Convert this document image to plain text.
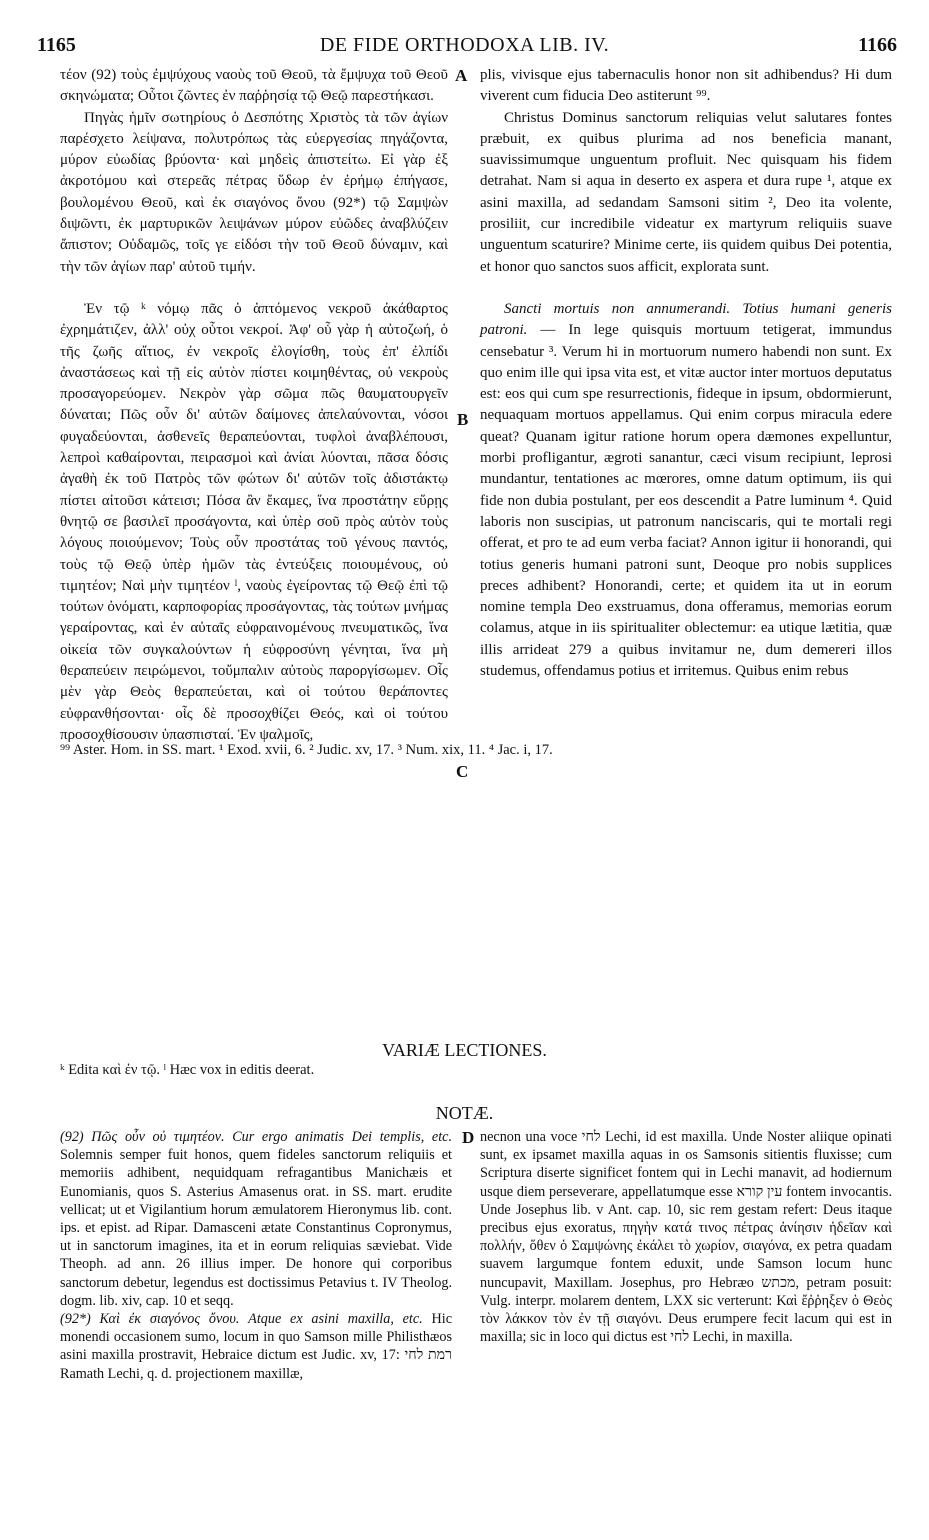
1165	DE FIDE ORTHODOXA LIB. IV.	1166

τέον (92) τοὺς ἐμψύχους ναοὺς τοῦ Θεοῦ, τὰ ἔμψυχα τοῦ Θεοῦ σκηνώματα; Οὗτοι ζῶντες ἐν παῤῥησίᾳ τῷ Θεῷ παρεστήκασι.

Πηγὰς ἡμῖν σωτηρίους ὁ Δεσπότης Χριστὸς τὰ τῶν ἁγίων παρέσχετο λείψανα, πολυτρόπως τὰς εὐεργεσίας πηγάζοντα, μύρον εὐωδίας βρύοντα· καὶ μηδεὶς ἀπιστείτω. Εἰ γὰρ ἐξ ἀκροτόμου καὶ στερεᾶς πέτρας ὕδωρ ἐν ἐρήμῳ ἐπήγασε, βουλομένου Θεοῦ, καὶ ἐκ σιαγόνος ὄνου (92*) τῷ Σαμψὼν διψῶντι, ἐκ μαρτυρικῶν λειψάνων μύρον εὐῶδες ἀναβλύζειν ἄπιστον; Οὐδαμῶς, τοῖς γε εἰδόσι τὴν τοῦ Θεοῦ δύναμιν, καὶ τὴν τῶν ἁγίων παρ' αὐτοῦ τιμήν.

Ἐν τῷ ᵏ νόμῳ πᾶς ὁ ἁπτόμενος νεκροῦ ἀκάθαρτος ἐχρημάτιζεν, ἀλλ' οὐχ οὗτοι νεκροί. Ἀφ' οὗ γὰρ ἡ αὐτοζωή, ὁ τῆς ζωῆς αἴτιος, ἐν νεκροῖς ἐλογίσθη, τοὺς ἐπ' ἐλπίδι ἀναστάσεως καὶ τῇ εἰς αὐτὸν πίστει κοιμηθέντας, οὐ νεκροὺς προσαγορεύομεν. Νεκρὸν γὰρ σῶμα πῶς θαυματουργεῖν δύναται; Πῶς οὖν δι' αὐτῶν δαίμονες ἀπελαύνονται, νόσοι φυγαδεύονται, ἀσθενεῖς θεραπεύονται, τυφλοὶ ἀναβλέπουσι, λεπροὶ καθαίρονται, πειρασμοὶ καὶ ἀνίαι λύονται, πᾶσα δόσις ἀγαθὴ ἐκ τοῦ Πατρὸς τῶν φώτων δι' αὐτῶν τοῖς ἀδιστάκτῳ πίστει αἰτοῦσι κάτεισι; Πόσα ἂν ἔκαμες, ἵνα προστάτην εὕρῃς θνητῷ σε βασιλεῖ προσάγοντα, καὶ ὑπὲρ σοῦ πρὸς αὐτὸν τοὺς λόγους ποιούμενον; Τοὺς οὖν προστάτας τοῦ γένους παντός, τοὺς τῷ Θεῷ ὑπὲρ ἡμῶν τὰς ἐντεύξεις ποιουμένους, οὐ τιμητέον; Ναὶ μὴν τιμητέον ˡ, ναοὺς ἐγείροντας τῷ Θεῷ ἐπὶ τῷ τούτων ὀνόματι, καρποφορίας προσάγοντας, τὰς τούτων μνήμας γεραίροντας, καὶ ἐν αὐταῖς εὐφραινομένους πνευματικῶς, ἵνα οἰκεία τῶν συγκαλούντων ἡ εὐφροσύνη γένηται, ἵνα μὴ θεραπεύειν πειρώμενοι, τοὔμπαλιν αὐτοὺς παροργίσωμεν. Οἷς μὲν γὰρ Θεὸς θεραπεύεται, καὶ οἱ τούτου θεράποντες εὐφρανθήσονται· οἷς δὲ προσοχθίζει Θεός, καὶ οἱ τούτου προσοχθίσουσιν ὑπασπισταί. Ἐν ψαλμοῖς,

A
B
C

plis, vivisque ejus tabernaculis honor non sit adhibendus? Hi dum viverent cum fiducia Deo astiterunt ⁹⁹.

Christus Dominus sanctorum reliquias velut salutares fontes præbuit, ex quibus plurima ad nos beneficia manant, suavissimumque unguentum profluit. Nec quisquam his fidem detrahat. Nam si aqua in deserto ex aspera et dura rupe ¹, atque ex asini maxilla, ad sedandam Samsoni sitim ², Deo ita volente, prosiliit, cur incredibile videatur ex martyrum reliquiis suave unguentum scaturire? Minime certe, iis quidem quibus Dei potentia, et honor quo sanctos suos afficit, explorata sunt.

Sancti mortuis non annumerandi. Totius humani generis patroni. — In lege quisquis mortuum tetigerat, immundus censebatur ³. Verum hi in mortuorum numero habendi non sunt. Ex quo enim ille qui ipsa vita est, et vitæ auctor inter mortuos deputatus est: eos qui cum spe resurrectionis, fideque in ipsum, obdormierunt, nequaquam mortuos appellamus. Qui enim corpus miracula edere queat? Quanam igitur ratione horum opera dæmones expelluntur, morbi profligantur, ægroti sanantur, cæci visum recipiunt, leprosi mundantur, tentationes ac mœrores, omne datum optimum, iis qui fide non dubia postulant, per eos descendit a Patre luminum ⁴. Quid laboris non suscipias, ut patronum nanciscaris, qui te mortali regi offerat, et pro te ad eum verba faciat? Annon igitur ii honorandi, qui totius generis humani patroni sunt, Deoque pro nobis supplices preces adhibent? Honorandi, certe; et quidem ita ut in eorum nomine templa Deo exstruamus, dona offeramus, memorias eorum colamus, atque in iis spiritualiter oblectemur: ea utique lætitia, quæ illis arrideat 279 a quibus invitamur ne, dum demereri illos studemus, offendamus potius et irritemus. Quibus enim rebus

⁹⁹ Aster. Hom. in SS. mart. ¹ Exod. xvii, 6. ² Judic. xv, 17. ³ Num. xix, 11. ⁴ Jac. i, 17.
VARIÆ LECTIONES.
ᵏ Edita καὶ ἐν τῷ. ˡ Hæc vox in editis deerat.
NOTÆ.
D

(92) Πῶς οὖν οὐ τιμητέον. Cur ergo animatis Dei templis, etc. Solemnis semper fuit honos, quem fideles sanctorum reliquiis et memoriis adhibent, nequidquam refragantibus Manichæis et Eunomianis, quos S. Asterius Amasenus orat. in SS. mart. erudite vellicat; ut et Vigilantium horum æmulatorem Hieronymus lib. cont. ips. et epist. ad Ripar. Damasceni ætate Constantinus Copronymus, ut in sanctorum imagines, ita et in eorum reliquias sæviebat. Vide Theoph. ad ann. 26 illius imper. De honore qui corporibus sanctorum debetur, legendus est doctissimus Petavius t. IV Theolog. dogm. lib. xiv, cap. 10 et seqq.

(92*) Καὶ ἐκ σιαγόνος ὄνου. Atque ex asini maxilla, etc. Hic monendi occasionem sumo, locum in quo Samson mille Philisthæos asini maxilla prostravit, Hebraice dictum est Judic. xv, 17: רמת לחי Ramath Lechi, q. d. projectionem maxillæ,

necnon una voce לחי Lechi, id est maxilla. Unde Noster aliique opinati sunt, ex ipsamet maxilla aquas in os Samsonis sitientis fluxisse; cum Scriptura diserte significet fontem qui in Lechi manavit, ad hodiernum usque diem perseverare, appellatumque esse עין קורא fontem invocantis. Unde Josephus lib. v Ant. cap. 10, sic rem gestam refert: Deus itaque precibus ejus exoratus, πηγὴν κατά τινος πέτρας ἀνίησιν ἡδεῖαν καὶ πολλήν, ὅθεν ὁ Σαμψώνης ἐκάλει τὸ χωρίον, σιαγόνα, ex petra quadam suavem largumque fontem eduxit, unde Samson locum hunc nuncupavit, Maxillam. Josephus, pro Hebræo מכתש, petram posuit: Vulg. interpr. molarem dentem, LXX sic verterunt: Καὶ ἔῤῥηξεν ὁ Θεὸς τὸν λάκκον τὸν ἐν τῇ σιαγόνι. Deus erumpere fecit lacum qui est in maxilla; sic in loco qui dictus est לחי Lechi, in maxilla.
